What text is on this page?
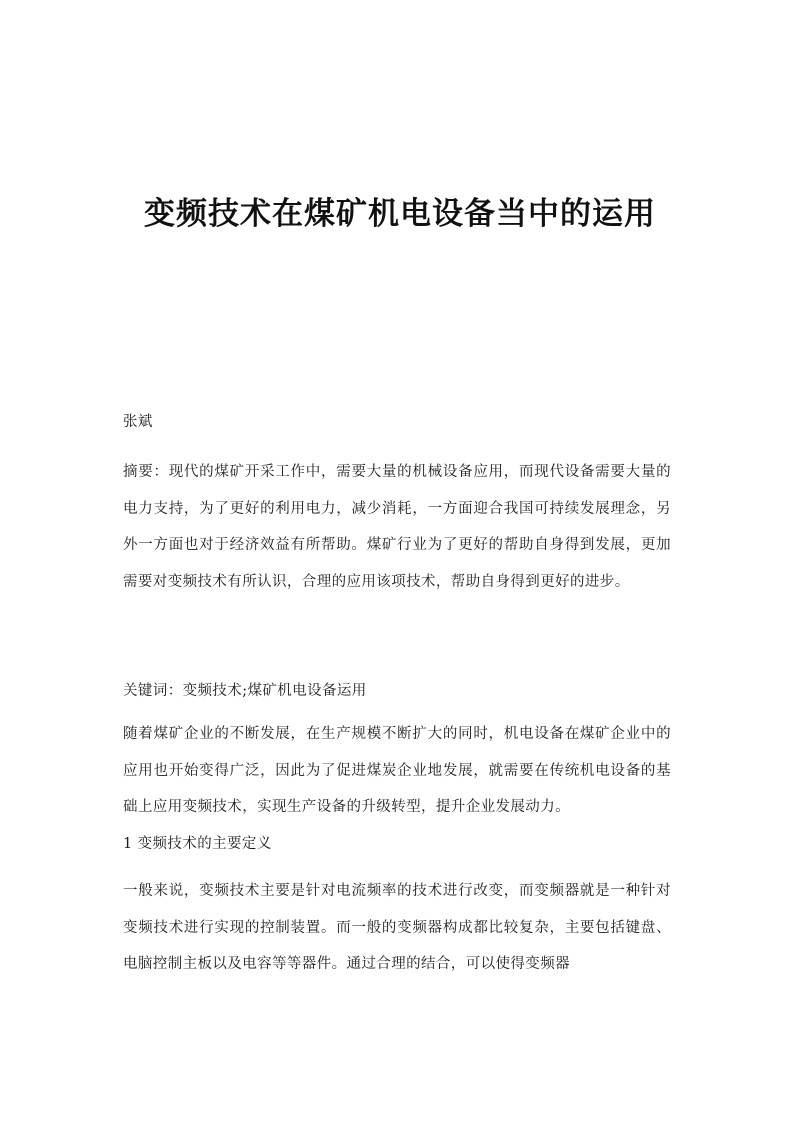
变频技术在煤矿机电设备当中的运用

张斌

摘要：现代的煤矿开采工作中，需要大量的机械设备应用，而现代设备需要大量的电力支持，为了更好的利用电力，减少消耗，一方面迎合我国可持续发展理念，另外一方面也对于经济效益有所帮助。煤矿行业为了更好的帮助自身得到发展，更加需要对变频技术有所认识，合理的应用该项技术，帮助自身得到更好的进步。

关键词：变频技术;煤矿机电设备运用

随着煤矿企业的不断发展，在生产规模不断扩大的同时，机电设备在煤矿企业中的应用也开始变得广泛，因此为了促进煤炭企业地发展，就需要在传统机电设备的基础上应用变频技术，实现生产设备的升级转型，提升企业发展动力。

1 变频技术的主要定义

一般来说，变频技术主要是针对电流频率的技术进行改变，而变频器就是一种针对变频技术进行实现的控制装置。而一般的变频器构成都比较复杂，主要包括键盘、电脑控制主板以及电容等等器件。通过合理的结合，可以使得变频器
